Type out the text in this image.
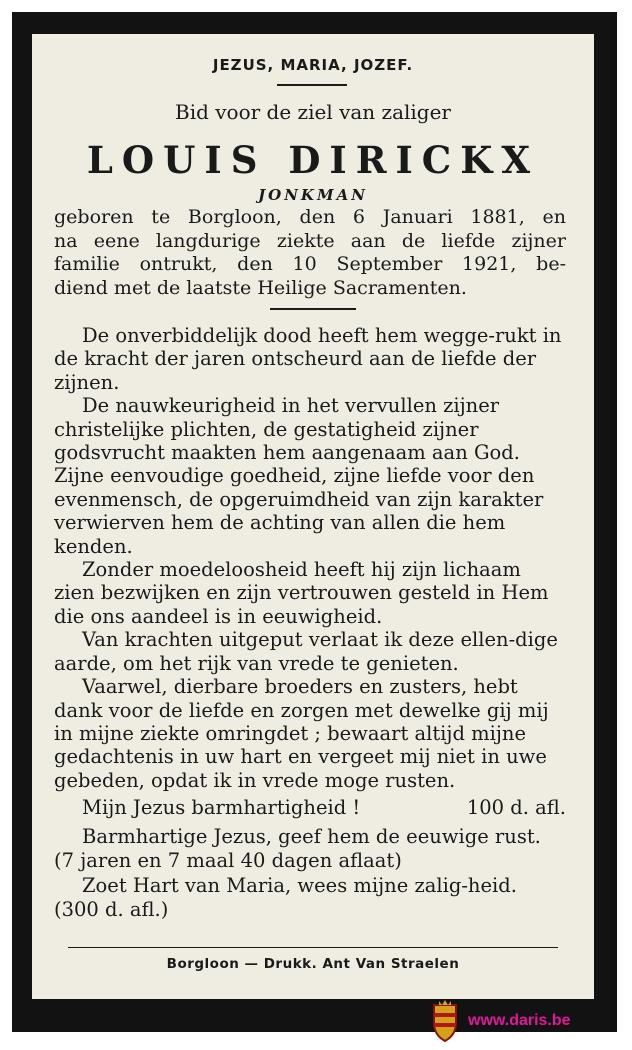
JEZUS, MARIA, JOZEF.
Bid voor de ziel van zaliger
LOUIS DIRICKX
JONKMAN
geboren te Borgloon, den 6 Januari 1881, en
na eene langdurige ziekte aan de liefde zijner
familie ontrukt, den 10 September 1921, be-
diend met de laatste Heilige Sacramenten.

De onverbiddelijk dood heeft hem wegge-rukt in de kracht der jaren ontscheurd aan de liefde der zijnen.

De nauwkeurigheid in het vervullen zijner christelijke plichten, de gestatigheid zijner godsvrucht maakten hem aangenaam aan God. Zijne eenvoudige goedheid, zijne liefde voor den evenmensch, de opgeruimdheid van zijn karakter verwierven hem de achting van allen die hem kenden.

Zonder moedeloosheid heeft hij zijn lichaam zien bezwijken en zijn vertrouwen gesteld in Hem die ons aandeel is in eeuwigheid.

Van krachten uitgeput verlaat ik deze ellen-dige aarde, om het rijk van vrede te genieten.

Vaarwel, dierbare broeders en zusters, hebt dank voor de liefde en zorgen met dewelke gij mij in mijne ziekte omringdet ; bewaart altijd mijne gedachtenis in uw hart en vergeet mij niet in uwe gebeden, opdat ik in vrede moge rusten.

Mijn Jezus barmhartigheid !	100 d. afl.

Barmhartige Jezus, geef hem de eeuwige rust. (7 jaren en 7 maal 40 dagen aflaat)

Zoet Hart van Maria, wees mijne zalig-heid. (300 d. afl.)

Borgloon — Drukk. Ant Van Straelen
www.daris.be
